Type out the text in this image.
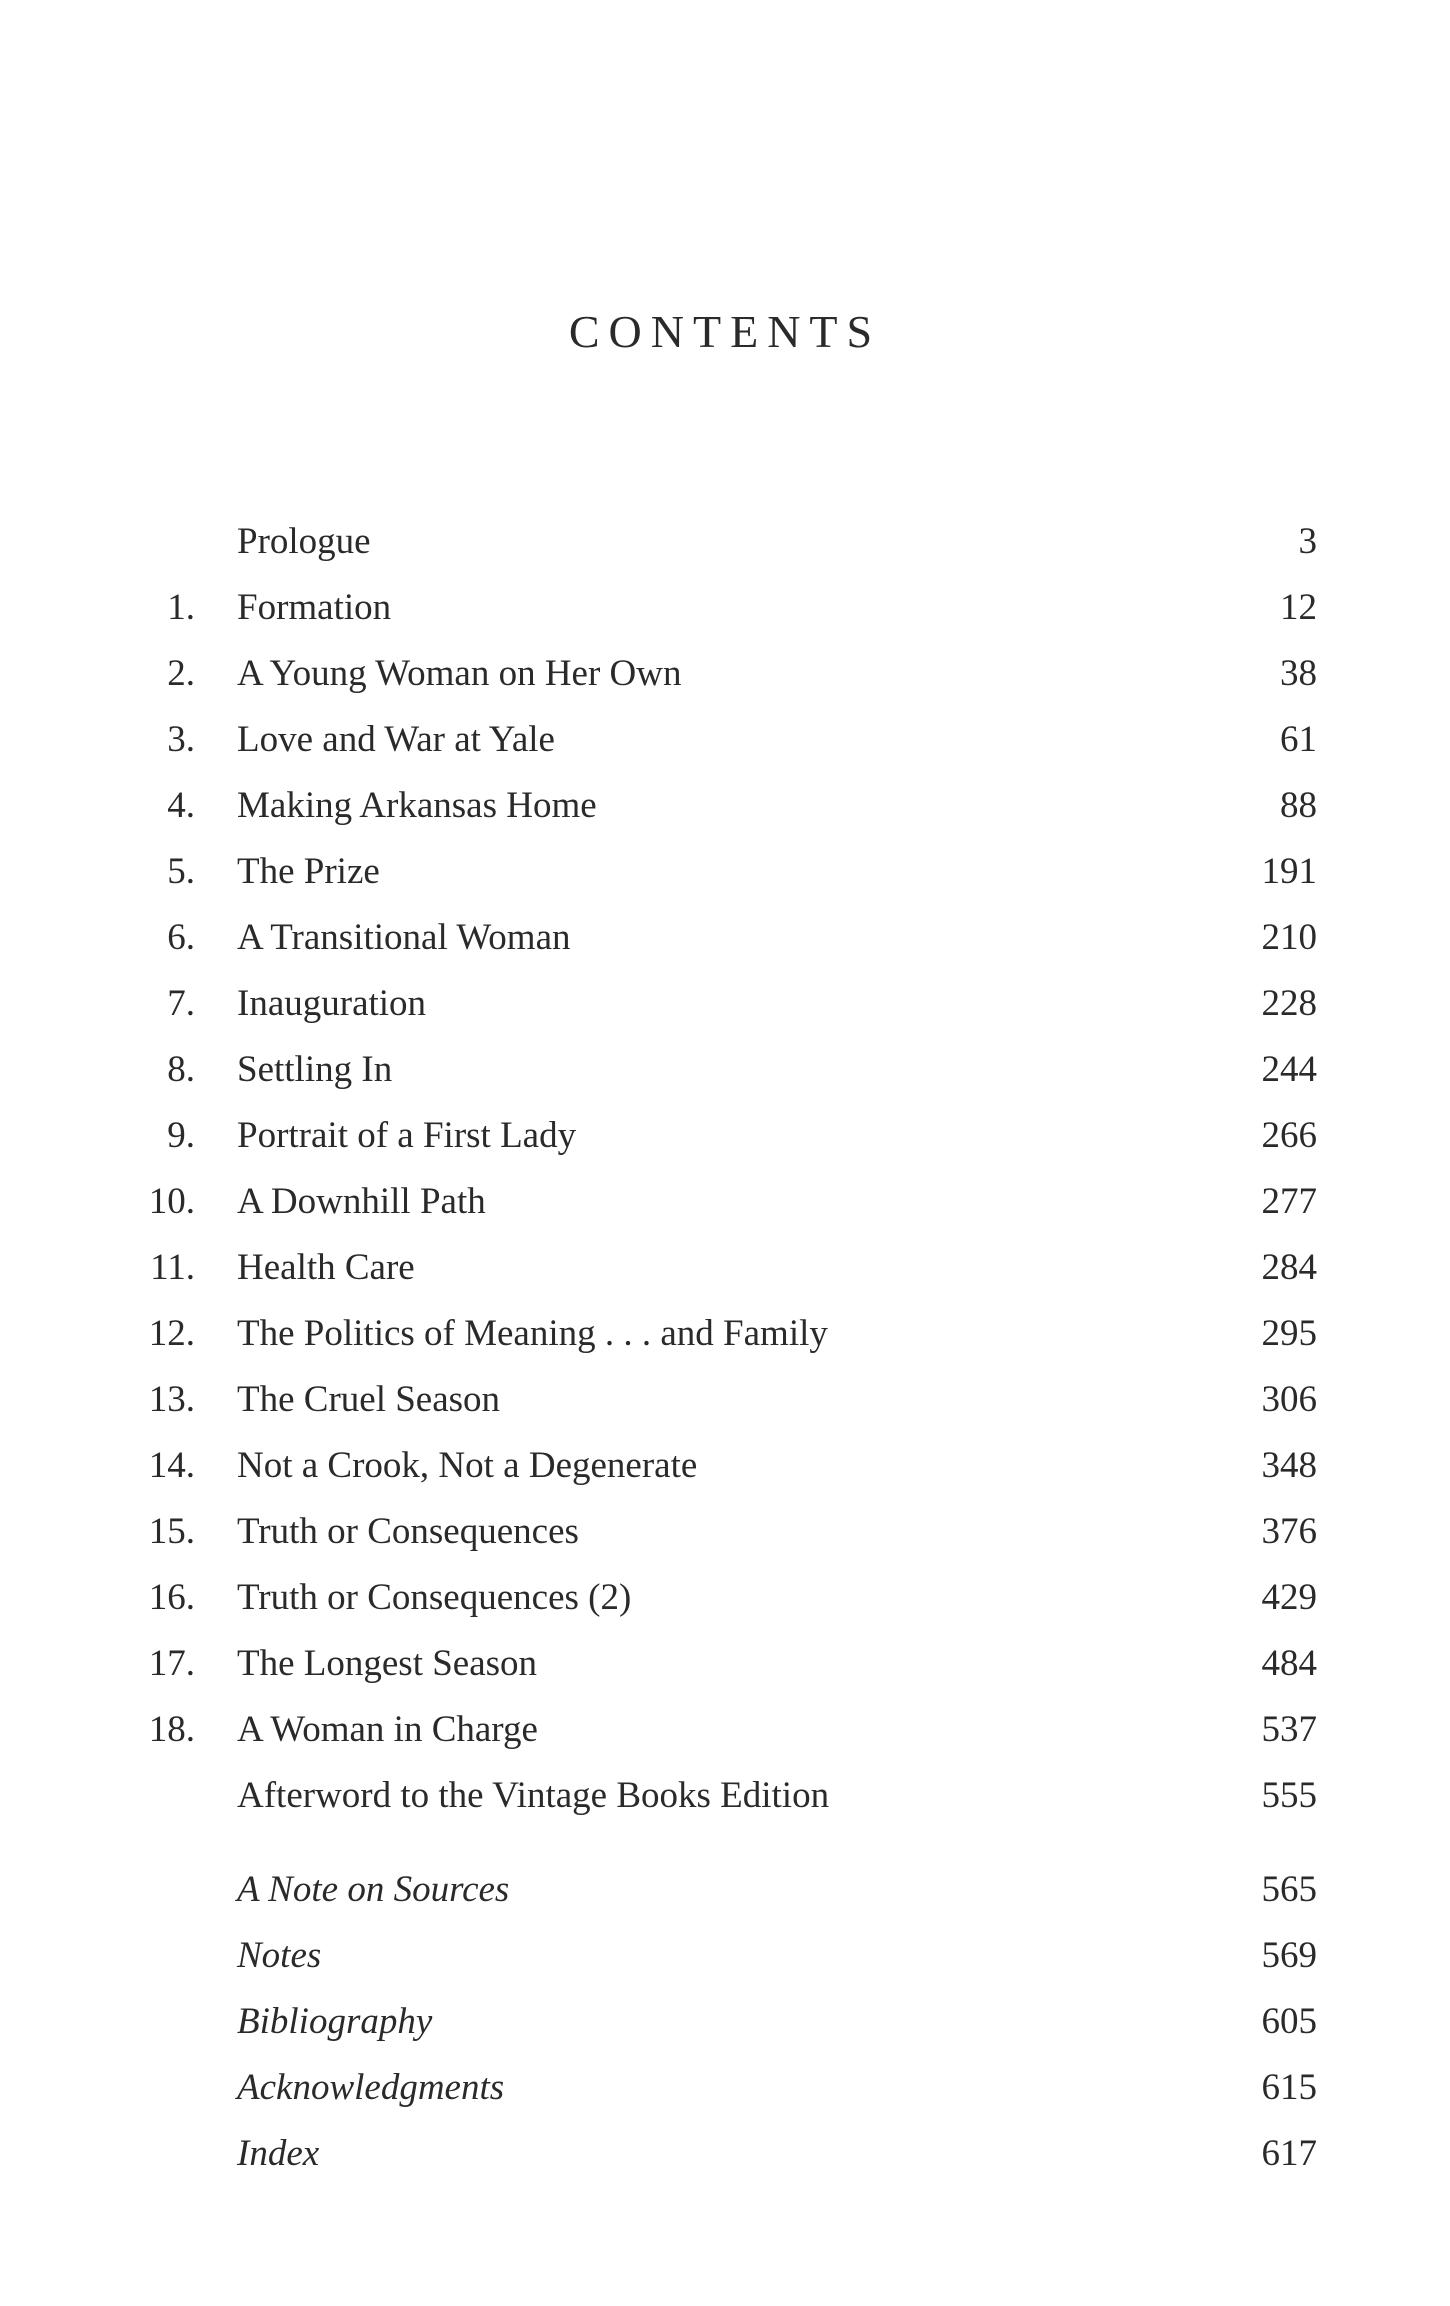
CONTENTS
Prologue	3
1. Formation	12
2. A Young Woman on Her Own	38
3. Love and War at Yale	61
4. Making Arkansas Home	88
5. The Prize	191
6. A Transitional Woman	210
7. Inauguration	228
8. Settling In	244
9. Portrait of a First Lady	266
10. A Downhill Path	277
11. Health Care	284
12. The Politics of Meaning . . . and Family	295
13. The Cruel Season	306
14. Not a Crook, Not a Degenerate	348
15. Truth or Consequences	376
16. Truth or Consequences (2)	429
17. The Longest Season	484
18. A Woman in Charge	537
Afterword to the Vintage Books Edition	555
A Note on Sources	565
Notes	569
Bibliography	605
Acknowledgments	615
Index	617
